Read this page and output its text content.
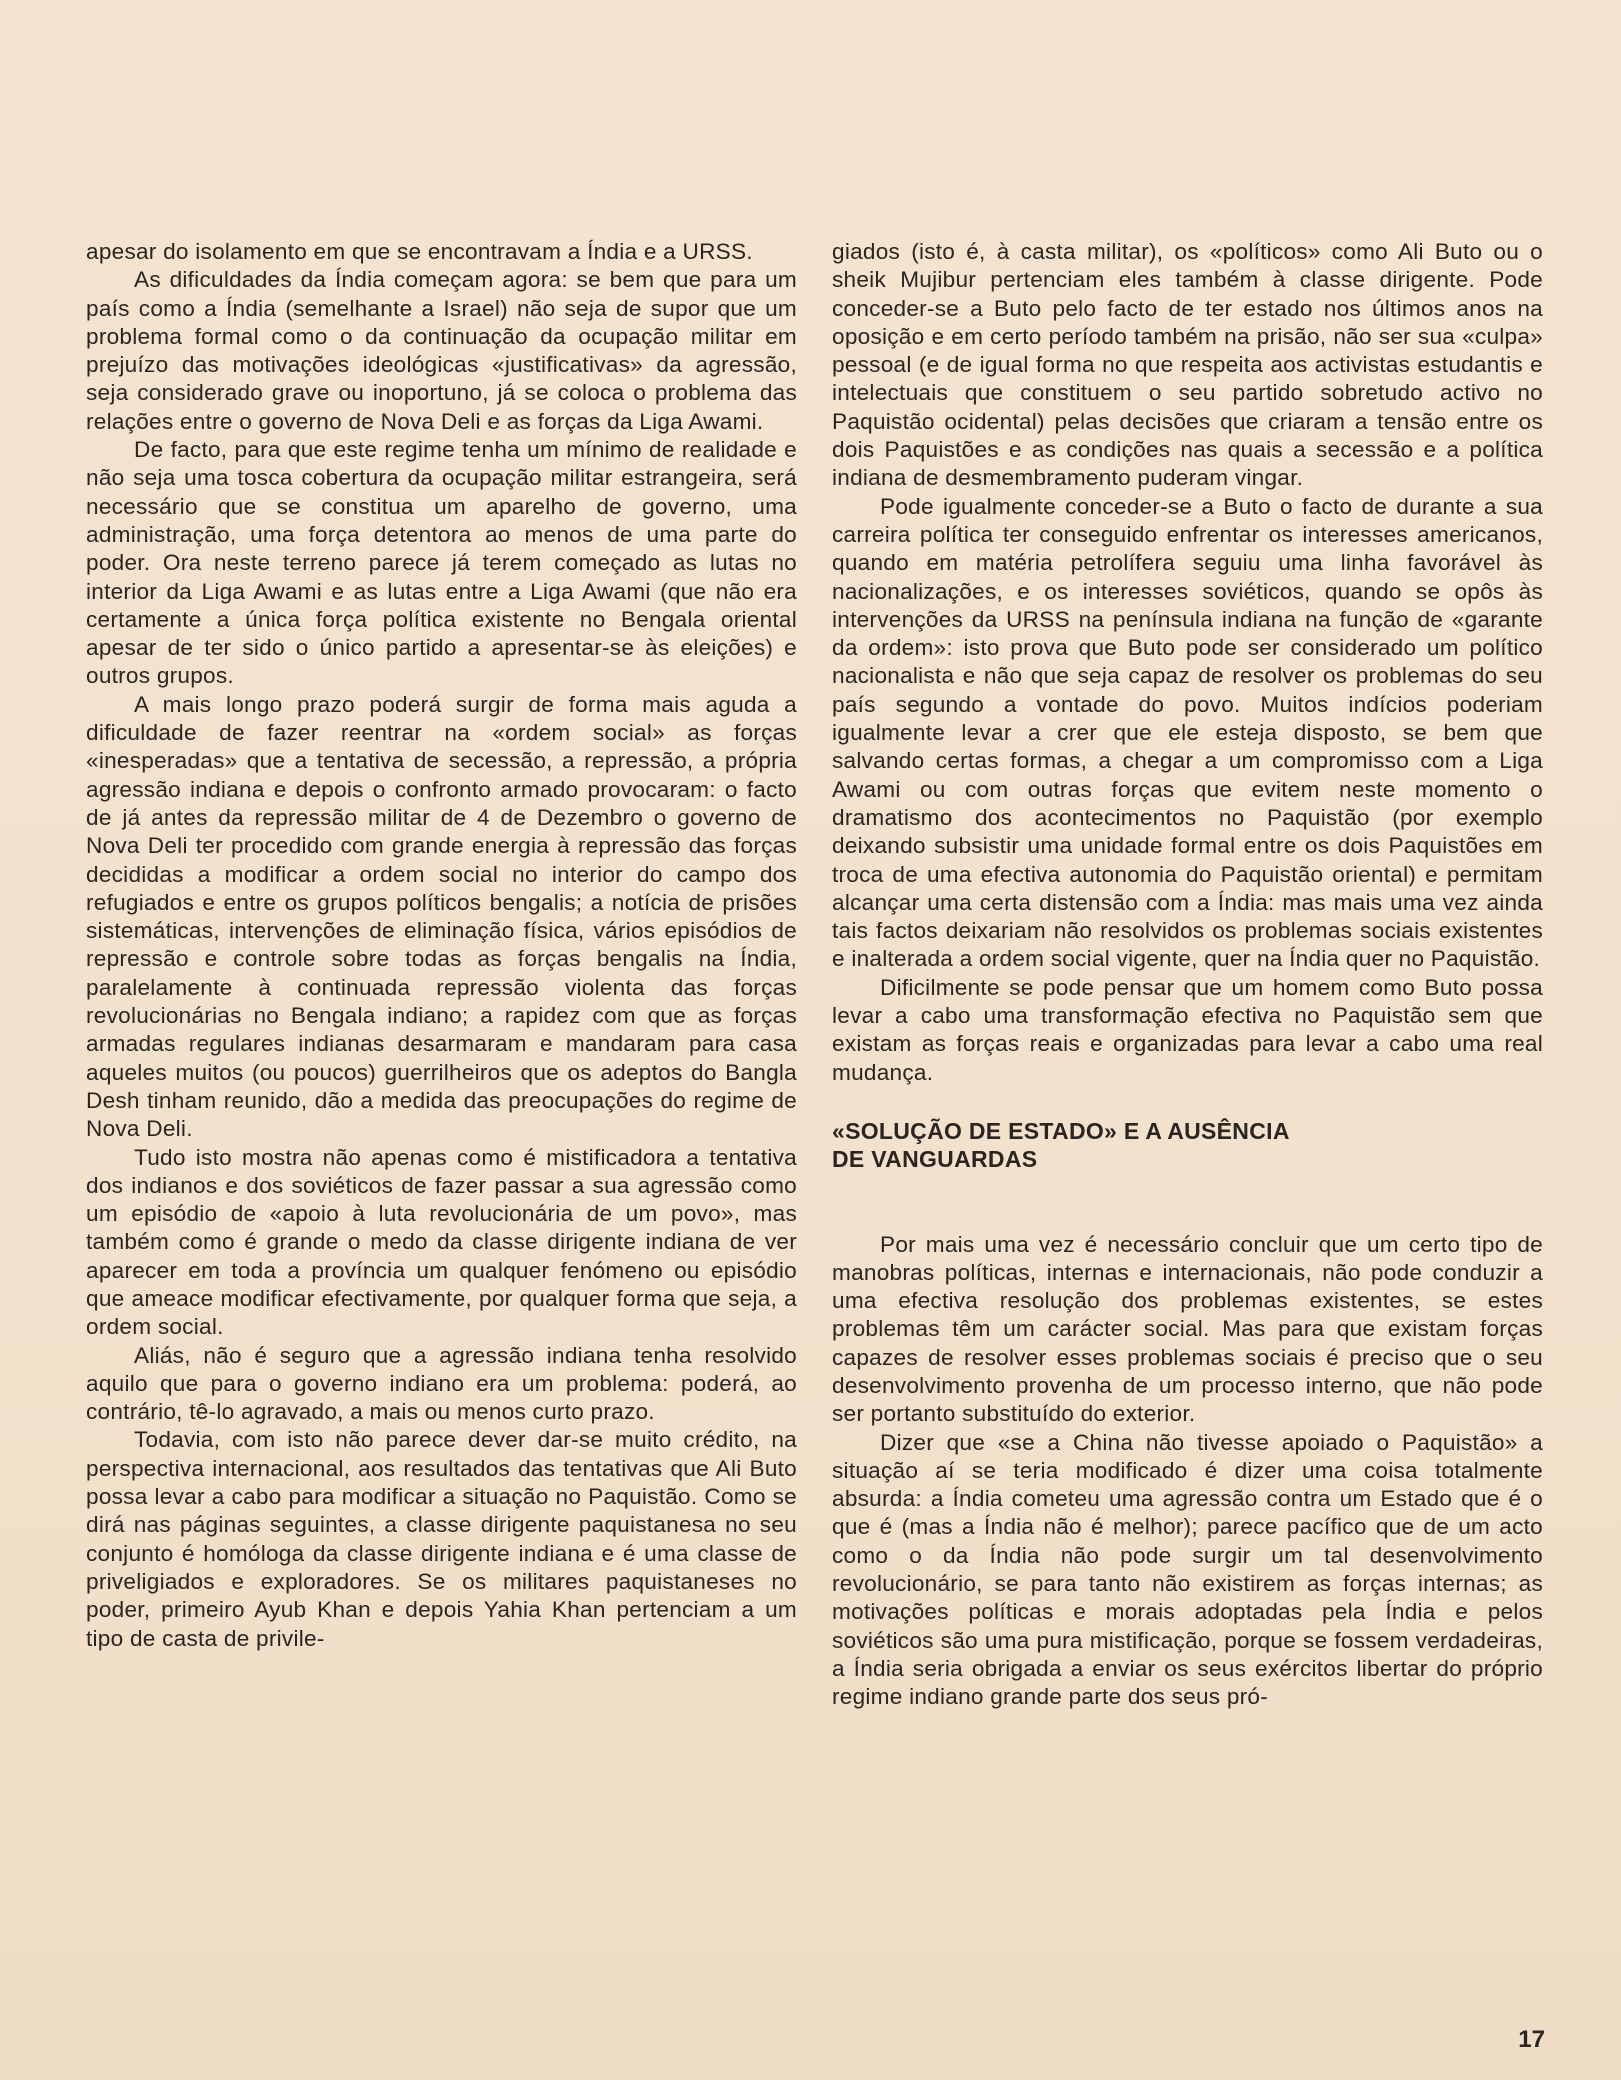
apesar do isolamento em que se encontravam a Índia e a URSS.

As dificuldades da Índia começam agora: se bem que para um país como a Índia (semelhante a Israel) não seja de supor que um problema formal como o da continuação da ocupação militar em prejuízo das motivações ideológicas «justificativas» da agressão, seja considerado grave ou inoportuno, já se coloca o problema das relações entre o governo de Nova Deli e as forças da Liga Awami.

De facto, para que este regime tenha um mínimo de realidade e não seja uma tosca cobertura da ocupação militar estrangeira, será necessário que se constitua um aparelho de governo, uma administração, uma força detentora ao menos de uma parte do poder. Ora neste terreno parece já terem começado as lutas no interior da Liga Awami e as lutas entre a Liga Awami (que não era certamente a única força política existente no Bengala oriental apesar de ter sido o único partido a apresentar-se às eleições) e outros grupos.

A mais longo prazo poderá surgir de forma mais aguda a dificuldade de fazer reentrar na «ordem social» as forças «inesperadas» que a tentativa de secessão, a repressão, a própria agressão indiana e depois o confronto armado provocaram: o facto de já antes da repressão militar de 4 de Dezembro o governo de Nova Deli ter procedido com grande energia à repressão das forças decididas a modificar a ordem social no interior do campo dos refugiados e entre os grupos políticos bengalis; a notícia de prisões sistemáticas, intervenções de eliminação física, vários episódios de repressão e controle sobre todas as forças bengalis na Índia, paralelamente à continuada repressão violenta das forças revolucionárias no Bengala indiano; a rapidez com que as forças armadas regulares indianas desarmaram e mandaram para casa aqueles muitos (ou poucos) guerrilheiros que os adeptos do Bangla Desh tinham reunido, dão a medida das preocupações do regime de Nova Deli.

Tudo isto mostra não apenas como é mistificadora a tentativa dos indianos e dos soviéticos de fazer passar a sua agressão como um episódio de «apoio à luta revolucionária de um povo», mas também como é grande o medo da classe dirigente indiana de ver aparecer em toda a província um qualquer fenómeno ou episódio que ameace modificar efectivamente, por qualquer forma que seja, a ordem social.

Aliás, não é seguro que a agressão indiana tenha resolvido aquilo que para o governo indiano era um problema: poderá, ao contrário, tê-lo agravado, a mais ou menos curto prazo.

Todavia, com isto não parece dever dar-se muito crédito, na perspectiva internacional, aos resultados das tentativas que Ali Buto possa levar a cabo para modificar a situação no Paquistão. Como se dirá nas páginas seguintes, a classe dirigente paquistanesa no seu conjunto é homóloga da classe dirigente indiana e é uma classe de priveligiados e exploradores. Se os militares paquistaneses no poder, primeiro Ayub Khan e depois Yahia Khan pertenciam a um tipo de casta de privile-

giados (isto é, à casta militar), os «políticos» como Ali Buto ou o sheik Mujibur pertenciam eles também à classe dirigente. Pode conceder-se a Buto pelo facto de ter estado nos últimos anos na oposição e em certo período também na prisão, não ser sua «culpa» pessoal (e de igual forma no que respeita aos activistas estudantis e intelectuais que constituem o seu partido sobretudo activo no Paquistão ocidental) pelas decisões que criaram a tensão entre os dois Paquistões e as condições nas quais a secessão e a política indiana de desmembramento puderam vingar.

Pode igualmente conceder-se a Buto o facto de durante a sua carreira política ter conseguido enfrentar os interesses americanos, quando em matéria petrolífera seguiu uma linha favorável às nacionalizações, e os interesses soviéticos, quando se opôs às intervenções da URSS na península indiana na função de «garante da ordem»: isto prova que Buto pode ser considerado um político nacionalista e não que seja capaz de resolver os problemas do seu país segundo a vontade do povo. Muitos indícios poderiam igualmente levar a crer que ele esteja disposto, se bem que salvando certas formas, a chegar a um compromisso com a Liga Awami ou com outras forças que evitem neste momento o dramatismo dos acontecimentos no Paquistão (por exemplo deixando subsistir uma unidade formal entre os dois Paquistões em troca de uma efectiva autonomia do Paquistão oriental) e permitam alcançar uma certa distensão com a Índia: mas mais uma vez ainda tais factos deixariam não resolvidos os problemas sociais existentes e inalterada a ordem social vigente, quer na Índia quer no Paquistão.

Dificilmente se pode pensar que um homem como Buto possa levar a cabo uma transformação efectiva no Paquistão sem que existam as forças reais e organizadas para levar a cabo uma real mudança.

«SOLUÇÃO DE ESTADO» E A AUSÊNCIA
DE VANGUARDAS

Por mais uma vez é necessário concluir que um certo tipo de manobras políticas, internas e internacionais, não pode conduzir a uma efectiva resolução dos problemas existentes, se estes problemas têm um carácter social. Mas para que existam forças capazes de resolver esses problemas sociais é preciso que o seu desenvolvimento provenha de um processo interno, que não pode ser portanto substituído do exterior.

Dizer que «se a China não tivesse apoiado o Paquistão» a situação aí se teria modificado é dizer uma coisa totalmente absurda: a Índia cometeu uma agressão contra um Estado que é o que é (mas a Índia não é melhor); parece pacífico que de um acto como o da Índia não pode surgir um tal desenvolvimento revolucionário, se para tanto não existirem as forças internas; as motivações políticas e morais adoptadas pela Índia e pelos soviéticos são uma pura mistificação, porque se fossem verdadeiras, a Índia seria obrigada a enviar os seus exércitos libertar do próprio regime indiano grande parte dos seus pró-

17
